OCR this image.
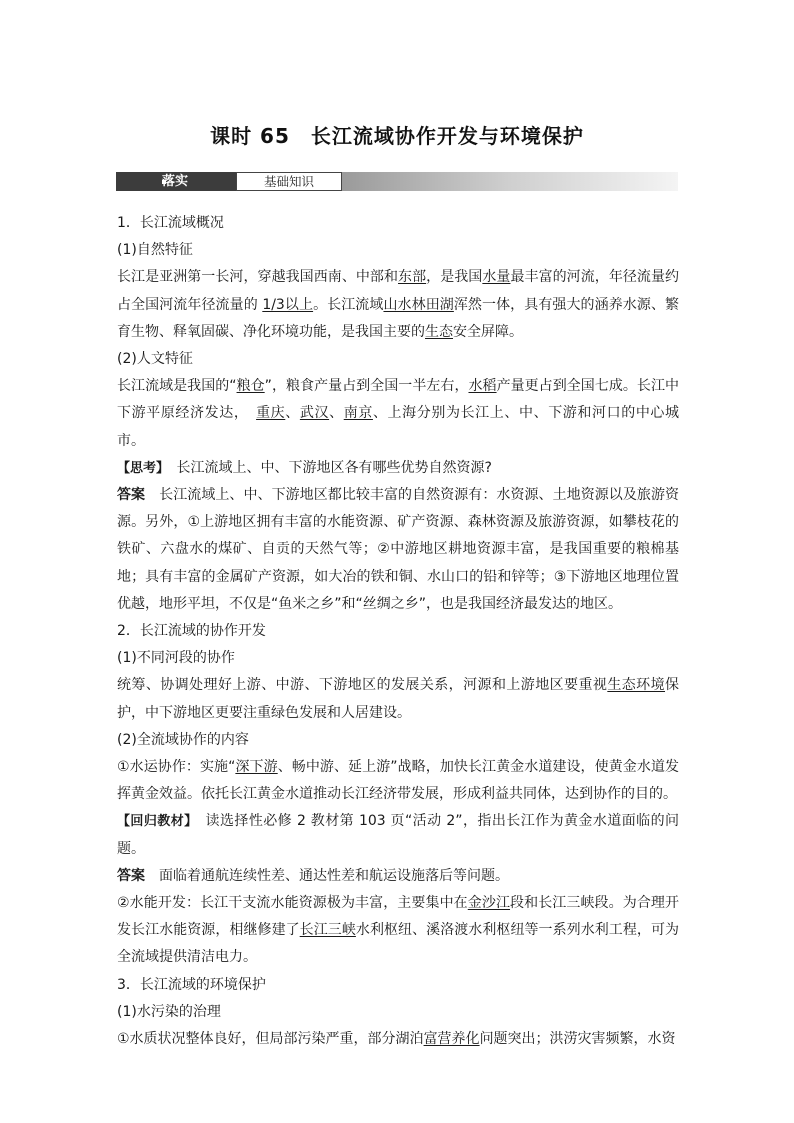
课时 65　长江流域协作开发与环境保护
落实	基础知识

1．长江流域概况

(1)自然特征

长江是亚洲第一长河，穿越我国西南、中部和东部，是我国水量最丰富的河流，年径流量约占全国河流年径流量的 1/3以上。长江流域山水林田湖浑然一体，具有强大的涵养水源、繁育生物、释氧固碳、净化环境功能，是我国主要的生态安全屏障。

(2)人文特征

长江流域是我国的“粮仓”，粮食产量占到全国一半左右，水稻产量更占到全国七成。长江中下游平原经济发达，　 重庆、武汉、南京、上海分别为长江上、中、下游和河口的中心城市。

【思考】　 长江流域上、中、下游地区各有哪些优势自然资源?

答案　 长江流域上、中、下游地区都比较丰富的自然资源有：水资源、土地资源以及旅游资源。另外，①上游地区拥有丰富的水能资源、矿产资源、森林资源及旅游资源，如攀枝花的铁矿、六盘水的煤矿、自贡的天然气等；②中游地区耕地资源丰富，是我国重要的粮棉基地；具有丰富的金属矿产资源，如大冶的铁和铜、水山口的铅和锌等；③下游地区地理位置优越，地形平坦，不仅是“鱼米之乡”和“丝绸之乡”，也是我国经济最发达的地区。

2．长江流域的协作开发

(1)不同河段的协作

统筹、协调处理好上游、中游、下游地区的发展关系，河源和上游地区要重视生态环境保护，中下游地区更要注重绿色发展和人居建设。

(2)全流域协作的内容

①水运协作：实施“深下游、畅中游、延上游”战略，加快长江黄金水道建设，使黄金水道发挥黄金效益。依托长江黄金水道推动长江经济带发展，形成利益共同体，达到协作的目的。

【回归教材】　 读选择性必修 2 教材第 103 页“活动 2”，指出长江作为黄金水道面临的问题。

答案　 面临着通航连续性差、通达性差和航运设施落后等问题。

②水能开发：长江干支流水能资源极为丰富，主要集中在金沙江段和长江三峡段。为合理开发长江水能资源，相继修建了长江三峡水利枢纽、溪洛渡水利枢纽等一系列水利工程，可为全流域提供清洁电力。

3．长江流域的环境保护

(1)水污染的治理

①水质状况整体良好，但局部污染严重，部分湖泊富营养化问题突出；洪涝灾害频繁，水资
